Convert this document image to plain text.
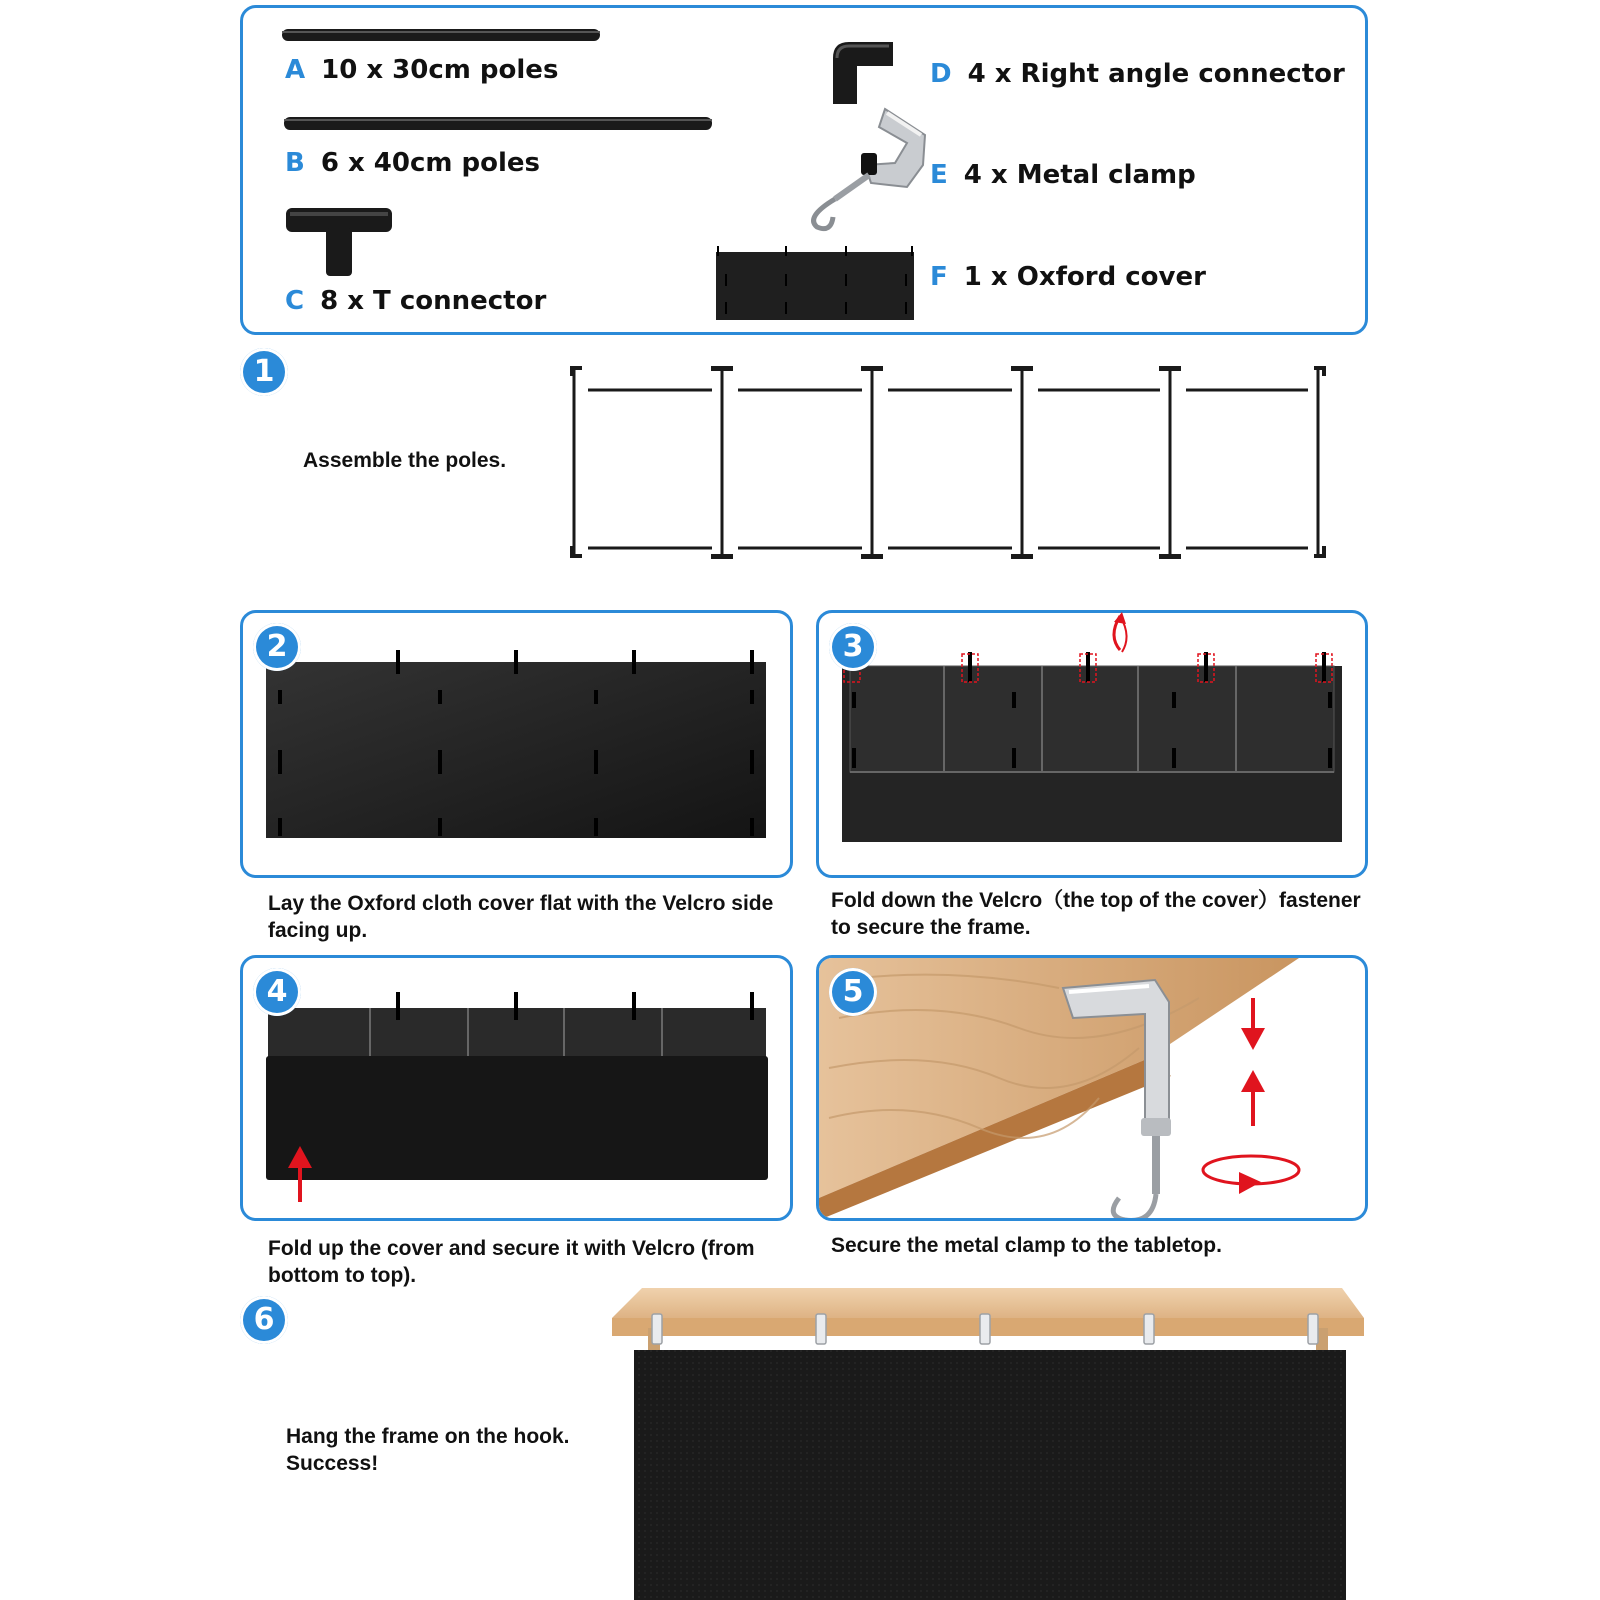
A 10 x 30cm poles
B 6 x 40cm poles
C 8 x T connector
D 4 x Right angle connector
E 4 x Metal clamp
F 1 x Oxford cover
1
Assemble the poles.
2
Lay the Oxford cloth cover flat with the Velcro side facing up.
3
Fold down the Velcro（the top of the cover）fastener to secure the frame.
4
Fold up the cover and secure it with Velcro (from bottom to top).
5
Secure the metal clamp to the tabletop.
6
Hang the frame on the hook. Success!
